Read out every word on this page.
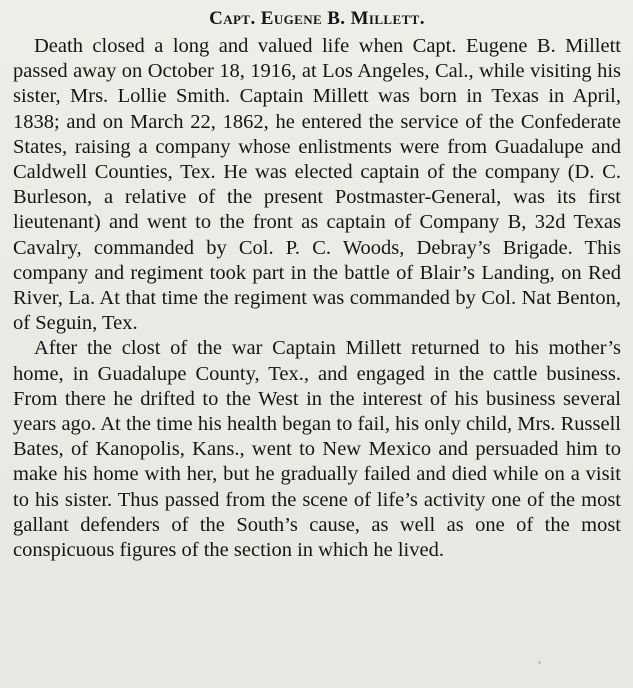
Capt. Eugene B. Millett.

Death closed a long and valued life when Capt. Eugene B. Millett passed away on October 18, 1916, at Los Angeles, Cal., while visiting his sister, Mrs. Lollie Smith. Captain Millett was born in Texas in April, 1838; and on March 22, 1862, he entered the service of the Confederate States, raising a company whose enlistments were from Guadalupe and Caldwell Counties, Tex. He was elected captain of the company (D. C. Burleson, a relative of the present Postmaster-General, was its first lieutenant) and went to the front as captain of Company B, 32d Texas Cavalry, commanded by Col. P. C. Woods, Debray’s Brigade. This company and regiment took part in the battle of Blair’s Landing, on Red River, La. At that time the regiment was commanded by Col. Nat Benton, of Seguin, Tex.

After the clost of the war Captain Millett returned to his mother’s home, in Guadalupe County, Tex., and engaged in the cattle business. From there he drifted to the West in the interest of his business several years ago. At the time his health began to fail, his only child, Mrs. Russell Bates, of Kanopolis, Kans., went to New Mexico and persuaded him to make his home with her, but he gradually failed and died while on a visit to his sister. Thus passed from the scene of life’s activity one of the most gallant defenders of the South’s cause, as well as one of the most conspicuous figures of the section in which he lived.
